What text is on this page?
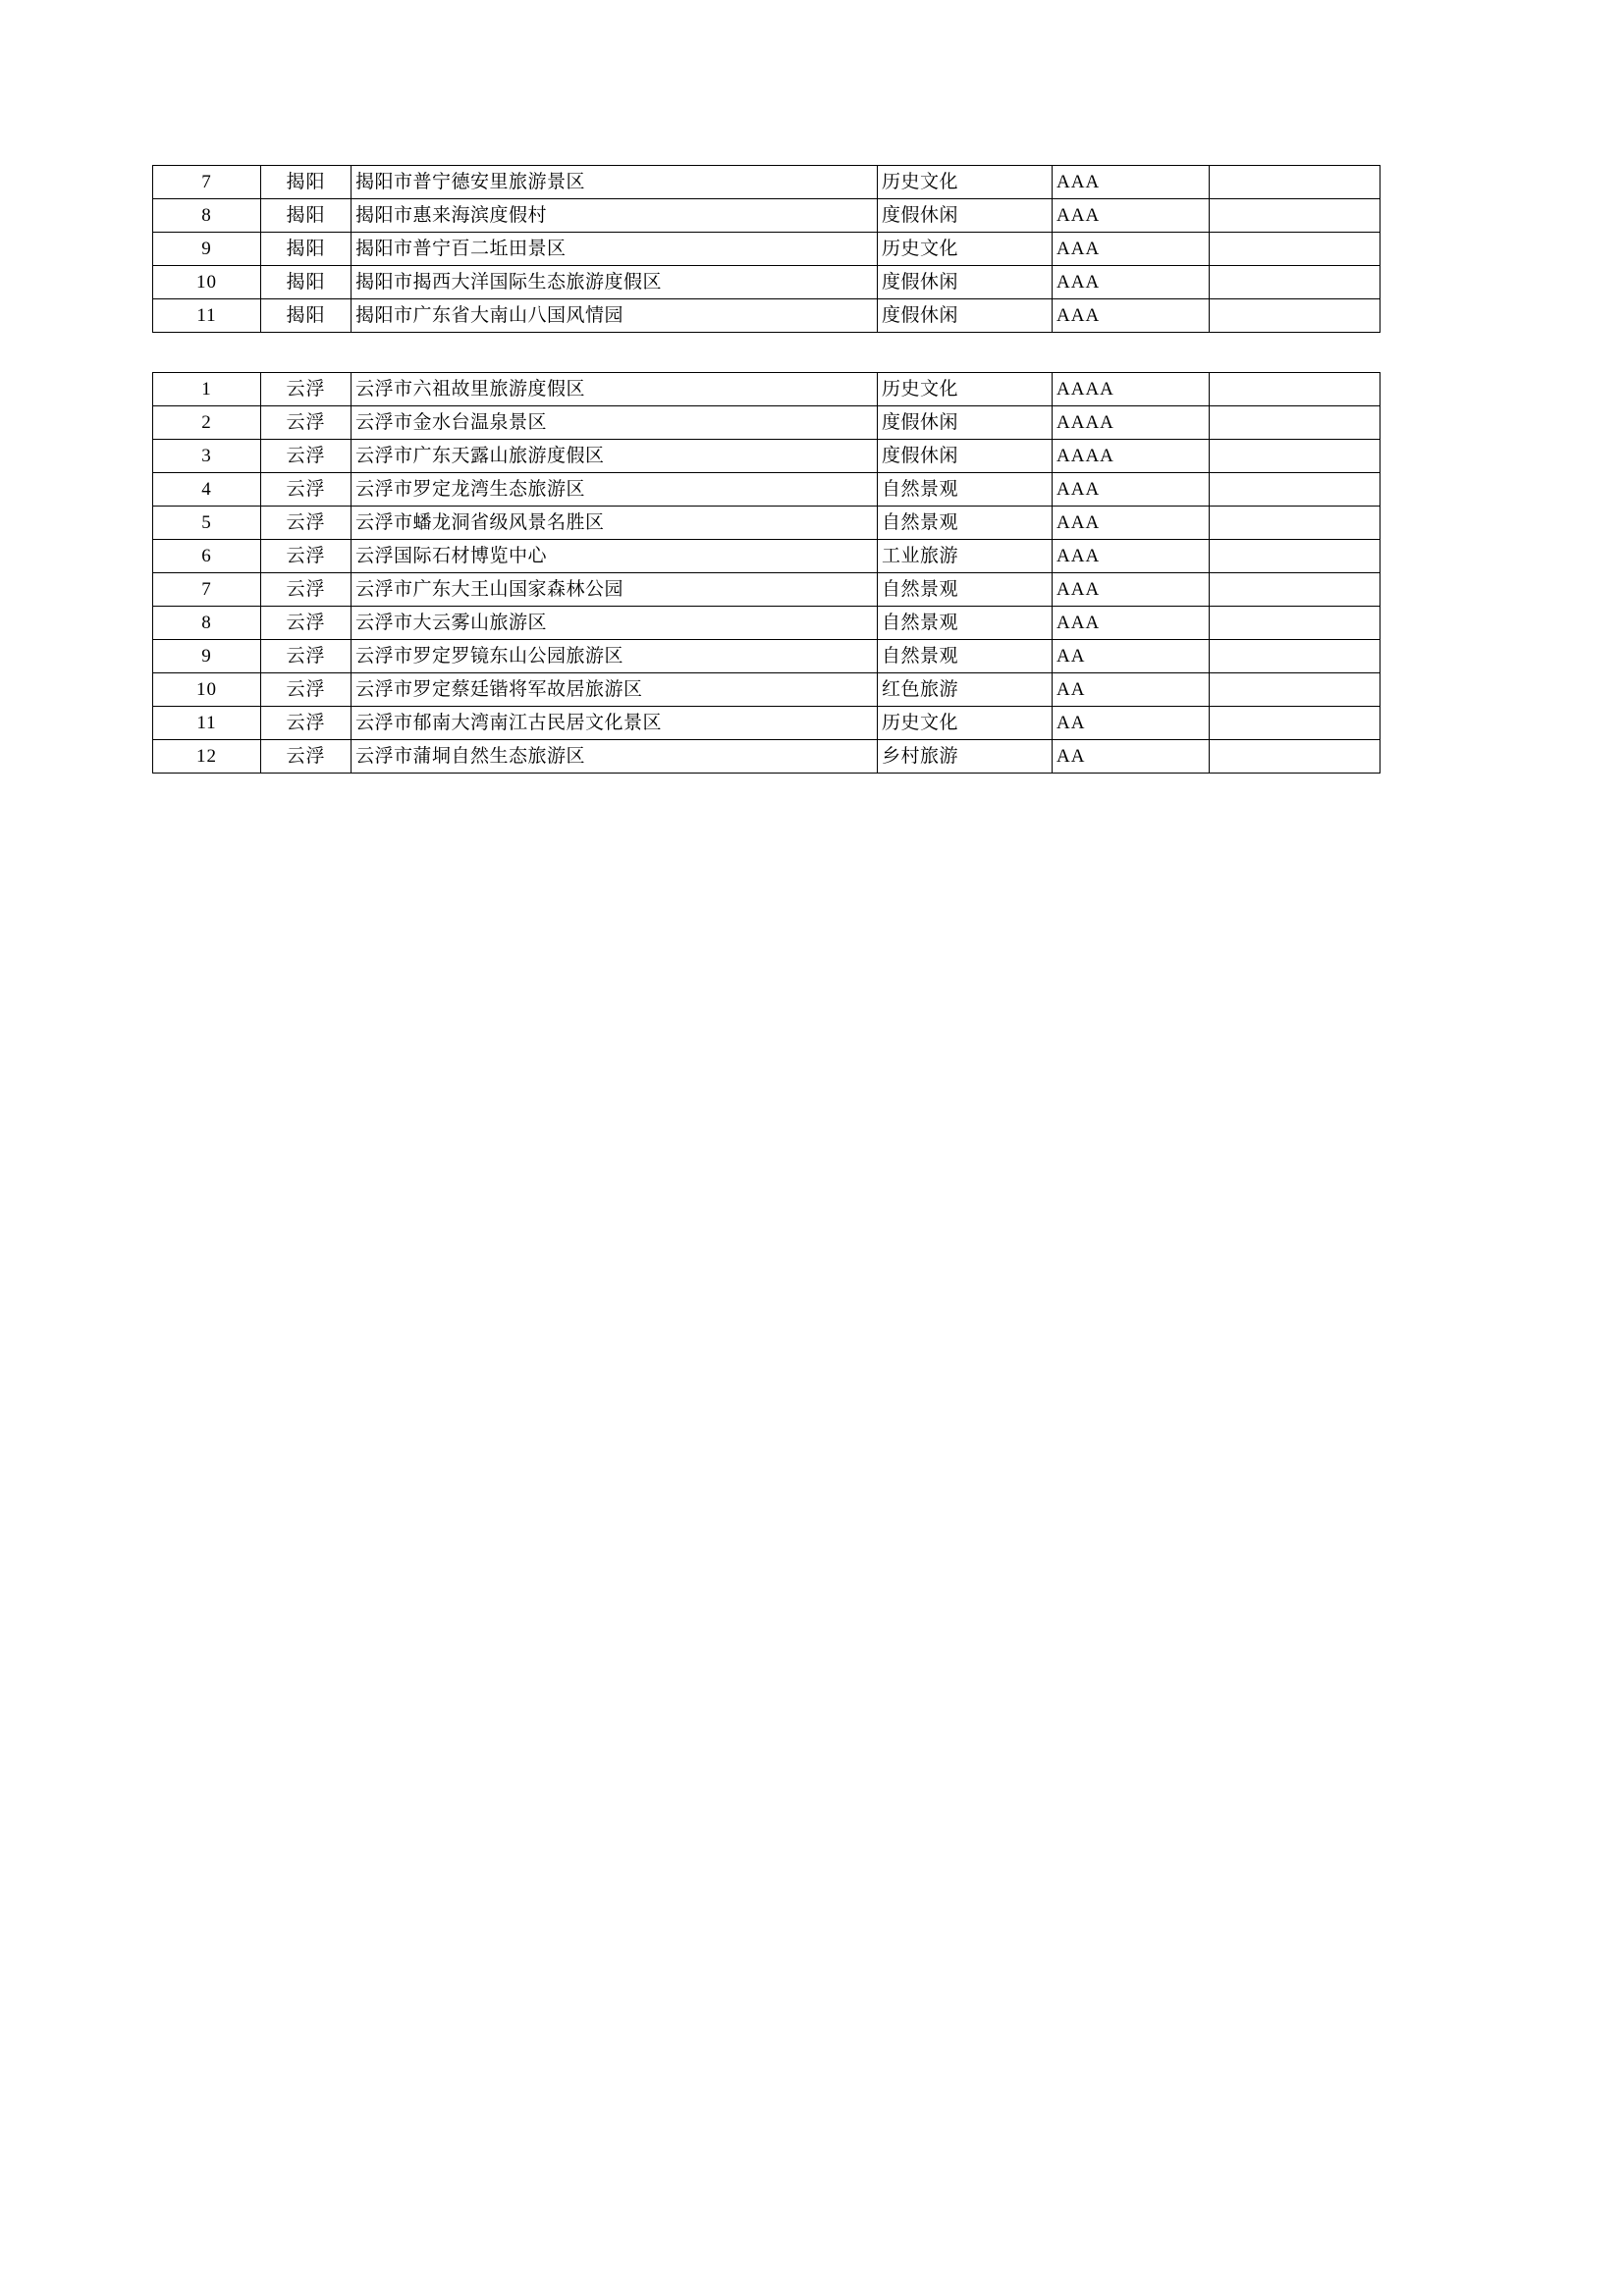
7	揭阳	揭阳市普宁德安里旅游景区	历史文化	AAA	
8	揭阳	揭阳市惠来海滨度假村	度假休闲	AAA	
9	揭阳	揭阳市普宁百二坵田景区	历史文化	AAA	
10	揭阳	揭阳市揭西大洋国际生态旅游度假区	度假休闲	AAA	
11	揭阳	揭阳市广东省大南山八国风情园	度假休闲	AAA	
1	云浮	云浮市六祖故里旅游度假区	历史文化	AAAA	
2	云浮	云浮市金水台温泉景区	度假休闲	AAAA	
3	云浮	云浮市广东天露山旅游度假区	度假休闲	AAAA	
4	云浮	云浮市罗定龙湾生态旅游区	自然景观	AAA	
5	云浮	云浮市蟠龙洞省级风景名胜区	自然景观	AAA	
6	云浮	云浮国际石材博览中心	工业旅游	AAA	
7	云浮	云浮市广东大王山国家森林公园	自然景观	AAA	
8	云浮	云浮市大云雾山旅游区	自然景观	AAA	
9	云浮	云浮市罗定罗镜东山公园旅游区	自然景观	AA	
10	云浮	云浮市罗定蔡廷锴将军故居旅游区	红色旅游	AA	
11	云浮	云浮市郁南大湾南江古民居文化景区	历史文化	AA	
12	云浮	云浮市蒲垌自然生态旅游区	乡村旅游	AA	
